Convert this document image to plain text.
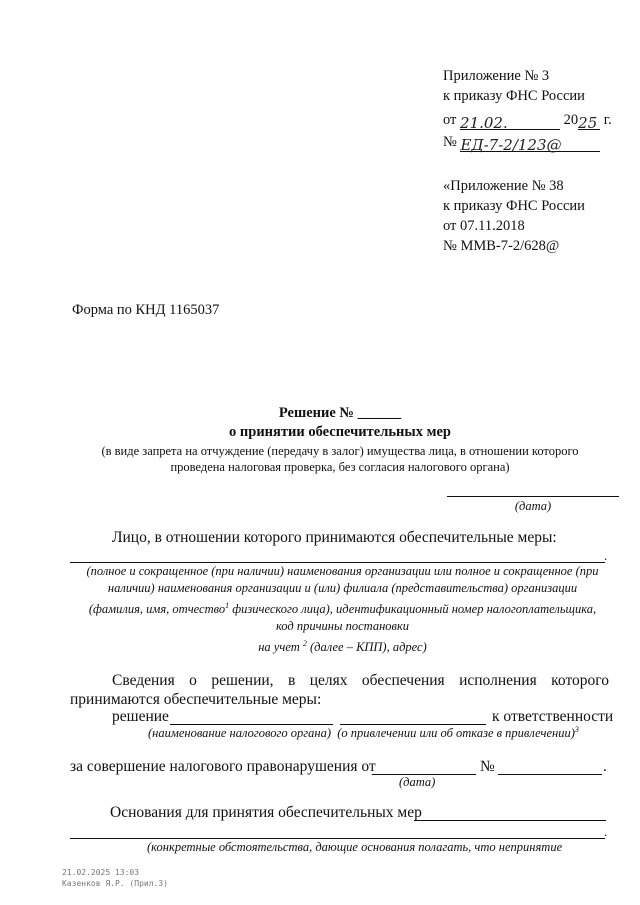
Приложение № 3
к приказу ФНС России
от 21.02.	2025 г.
№ ЕД-7-2/123@
«Приложение № 38
к приказу ФНС России
от 07.11.2018
№ ММВ-7-2/628@
Форма по КНД 1165037
Решение № ______
о принятии обеспечительных мер
(в виде запрета на отчуждение (передачу в залог) имущества лица, в отношении которого
проведена налоговая проверка, без согласия налогового органа)
(дата)
Лицо, в отношении которого принимаются обеспечительные меры:
.
(полное и сокращенное (при наличии) наименования организации или полное и сокращенное (при
наличии) наименования организации и (или) филиала (представительства) организации
(фамилия, имя, отчество$^1$ физического лица), идентификационный номер налогоплательщика,
код причины постановки
на учет $^2$ (далее – КПП), адрес)
Сведения о решении, в целях обеспечения исполнения которого
принимаются обеспечительные меры:
решение	к ответственности
(наименование налогового органа) (о привлечении или об отказе в привлечении)$^3$
за совершение налогового правонарушения от	№	.
(дата)
Основания для принятия обеспечительных мер
.
(конкретные обстоятельства, дающие основания полагать, что непринятие
21.02.2025 13:03
Казенков Я.Р. (Прил.3)
